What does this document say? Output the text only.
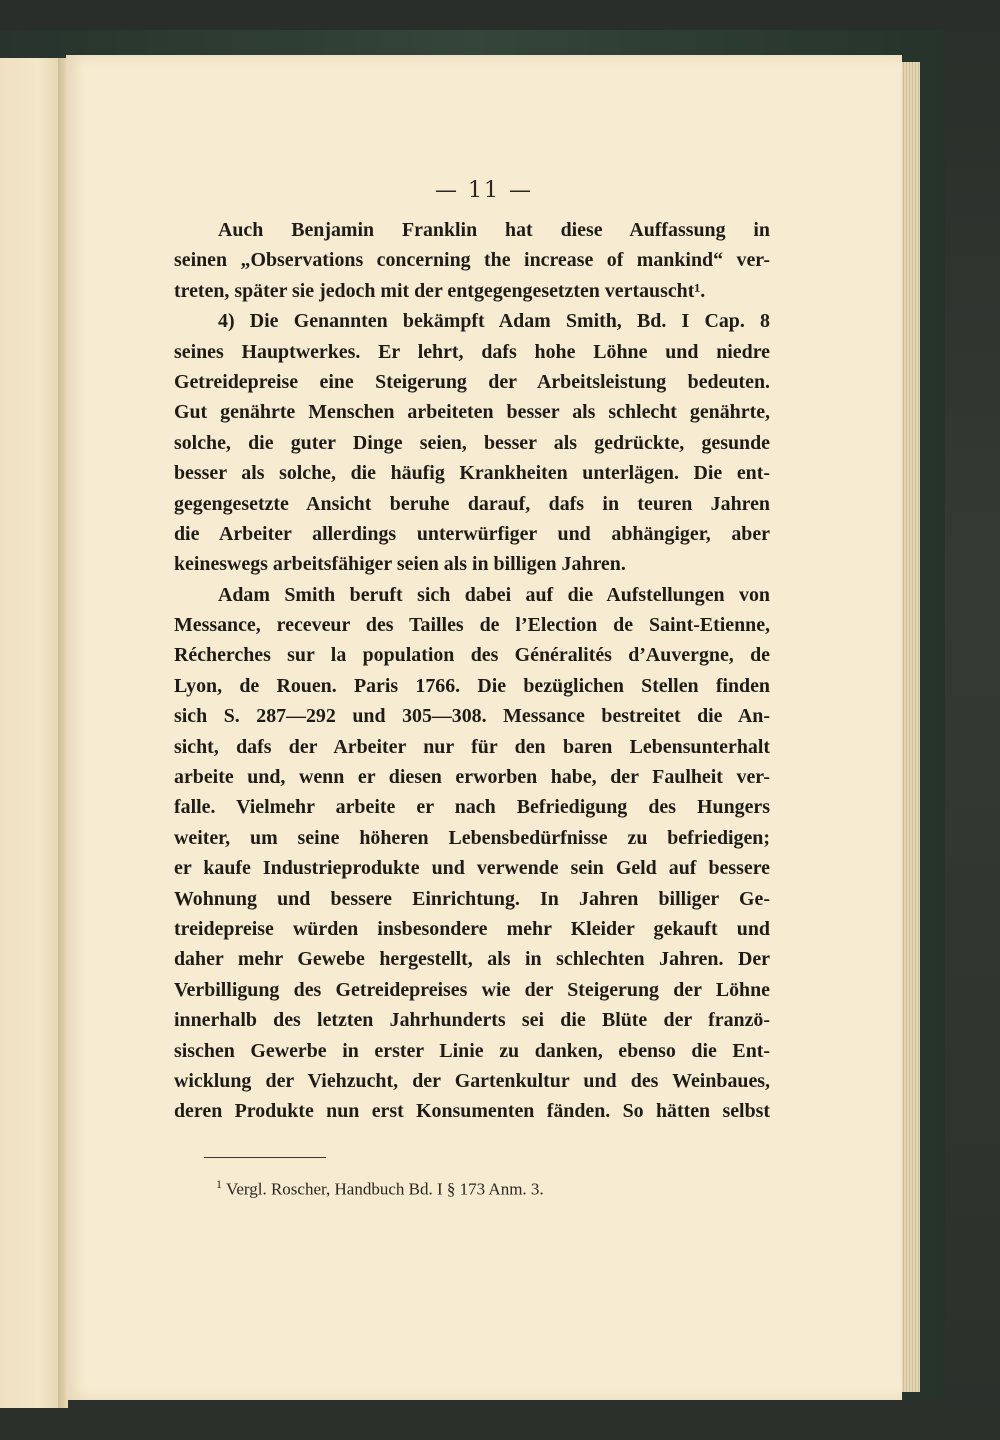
— 11 —
Auch Benjamin Franklin hat diese Auffassung in
seinen „Observations concerning the increase of mankind“ ver-
treten, später sie jedoch mit der entgegengesetzten vertauscht¹.
4) Die Genannten bekämpft Adam Smith, Bd. I Cap. 8
seines Hauptwerkes. Er lehrt, dafs hohe Löhne und niedre
Getreidepreise eine Steigerung der Arbeitsleistung bedeuten.
Gut genährte Menschen arbeiteten besser als schlecht genährte,
solche, die guter Dinge seien, besser als gedrückte, gesunde
besser als solche, die häufig Krankheiten unterlägen. Die ent-
gegengesetzte Ansicht beruhe darauf, dafs in teuren Jahren
die Arbeiter allerdings unterwürfiger und abhängiger, aber
keineswegs arbeitsfähiger seien als in billigen Jahren.
Adam Smith beruft sich dabei auf die Aufstellungen von
Messance, receveur des Tailles de l’Election de Saint-Etienne,
Récherches sur la population des Généralités d’Auvergne, de
Lyon, de Rouen. Paris 1766. Die bezüglichen Stellen finden
sich S. 287—292 und 305—308. Messance bestreitet die An-
sicht, dafs der Arbeiter nur für den baren Lebensunterhalt
arbeite und, wenn er diesen erworben habe, der Faulheit ver-
falle. Vielmehr arbeite er nach Befriedigung des Hungers
weiter, um seine höheren Lebensbedürfnisse zu befriedigen;
er kaufe Industrieprodukte und verwende sein Geld auf bessere
Wohnung und bessere Einrichtung. In Jahren billiger Ge-
treidepreise würden insbesondere mehr Kleider gekauft und
daher mehr Gewebe hergestellt, als in schlechten Jahren. Der
Verbilligung des Getreidepreises wie der Steigerung der Löhne
innerhalb des letzten Jahrhunderts sei die Blüte der franzö-
sischen Gewerbe in erster Linie zu danken, ebenso die Ent-
wicklung der Viehzucht, der Gartenkultur und des Weinbaues,
deren Produkte nun erst Konsumenten fänden. So hätten selbst
$^1$ Vergl. Roscher, Handbuch Bd. I § 173 Anm. 3.
